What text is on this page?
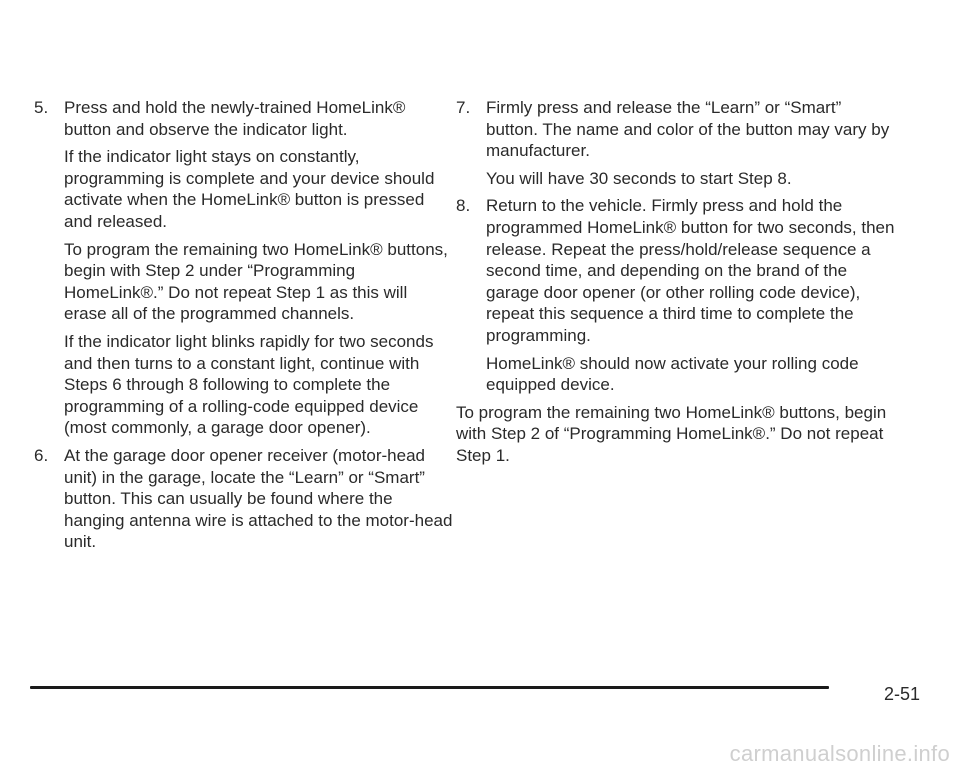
5. Press and hold the newly-trained HomeLink® button and observe the indicator light.
If the indicator light stays on constantly, programming is complete and your device should activate when the HomeLink® button is pressed and released.
To program the remaining two HomeLink® buttons, begin with Step 2 under “Programming HomeLink®.” Do not repeat Step 1 as this will erase all of the programmed channels.
If the indicator light blinks rapidly for two seconds and then turns to a constant light, continue with Steps 6 through 8 following to complete the programming of a rolling-code equipped device (most commonly, a garage door opener).
6. At the garage door opener receiver (motor-head unit) in the garage, locate the “Learn” or “Smart” button. This can usually be found where the hanging antenna wire is attached to the motor-head unit.
7. Firmly press and release the “Learn” or “Smart” button. The name and color of the button may vary by manufacturer.
You will have 30 seconds to start Step 8.
8. Return to the vehicle. Firmly press and hold the programmed HomeLink® button for two seconds, then release. Repeat the press/hold/release sequence a second time, and depending on the brand of the garage door opener (or other rolling code device), repeat this sequence a third time to complete the programming.
HomeLink® should now activate your rolling code equipped device.
To program the remaining two HomeLink® buttons, begin with Step 2 of “Programming HomeLink®.” Do not repeat Step 1.
2-51
carmanualsonline.info
